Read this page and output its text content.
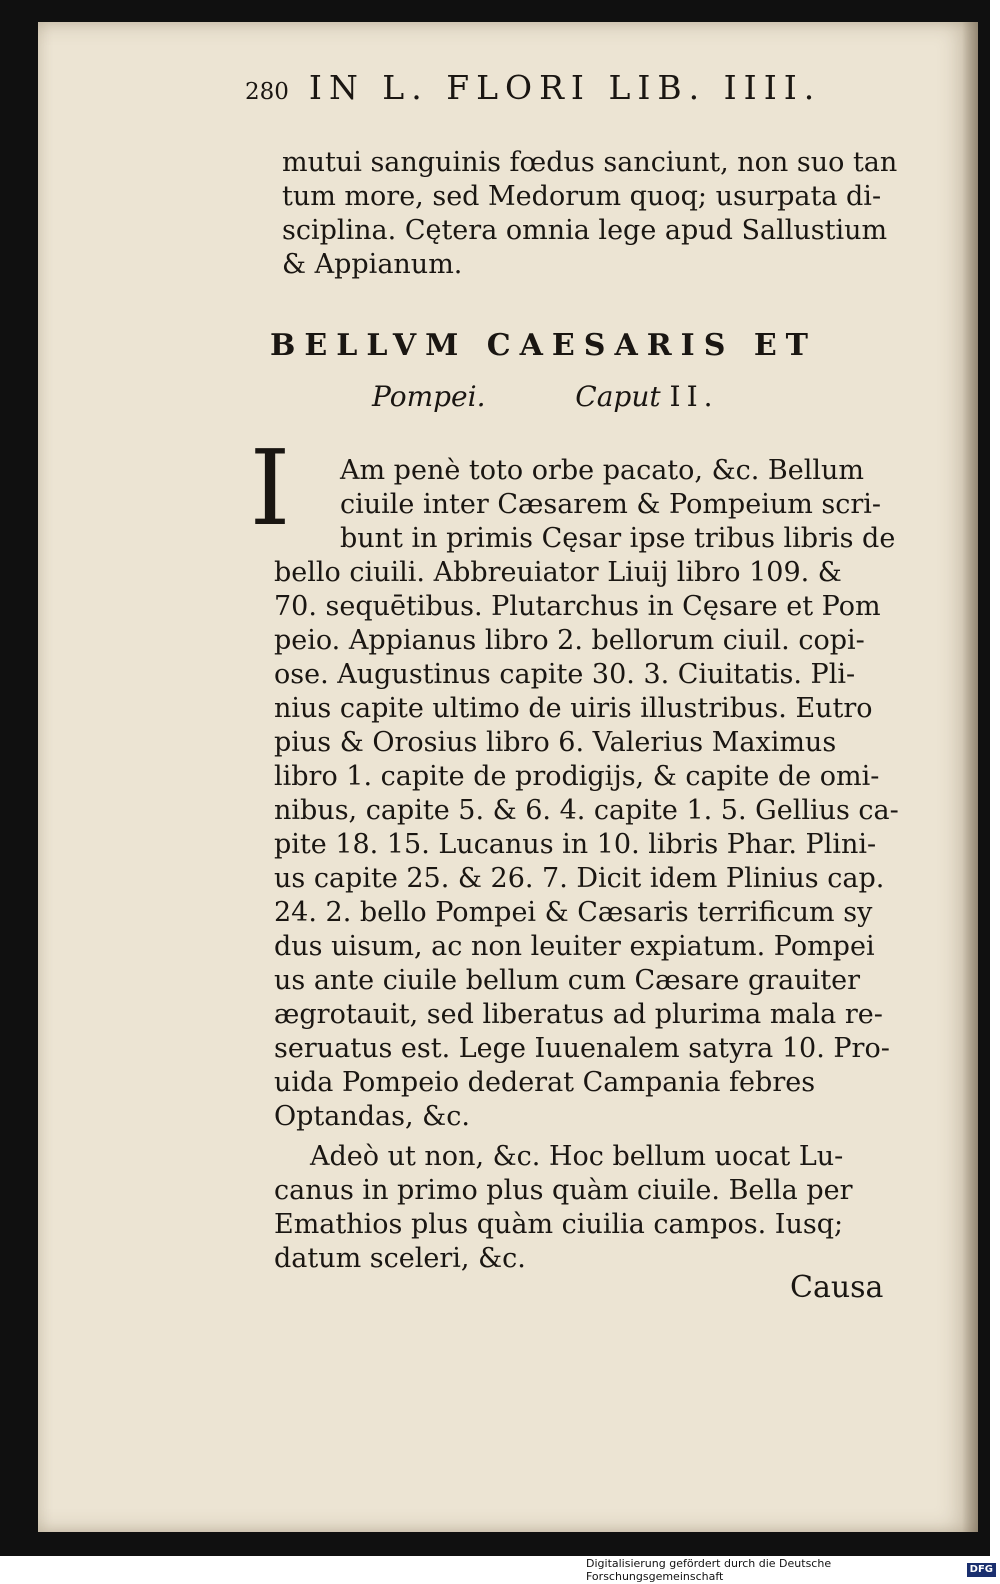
280 IN L. FLORI LIB. IIII.

mutui sanguinis fœdus sanciunt, non suo tan

tum more, sed Medorum quoq; usurpata di-

sciplina. Cętera omnia lege apud Sallustium

& Appianum.

BELLVM CAESARIS ET
Pompei.	Caput II.
I	Am penè toto orbe pacato, &c. Bellum

ciuile inter Cæsarem & Pompeium scri-

bunt in primis Cęsar ipse tribus libris de

bello ciuili. Abbreuiator Liuij libro 109. &

70. sequētibus. Plutarchus in Cęsare et Pom

peio. Appianus libro 2. bellorum ciuil. copi-

ose. Augustinus capite 30. 3. Ciuitatis. Pli-

nius capite ultimo de uiris illustribus. Eutro

pius & Orosius libro 6. Valerius Maximus

libro 1. capite de prodigijs, & capite de omi-

nibus, capite 5. & 6. 4. capite 1. 5. Gellius ca-

pite 18. 15. Lucanus in 10. libris Phar. Plini-

us capite 25. & 26. 7. Dicit idem Plinius cap.

24. 2. bello Pompei & Cæsaris terrificum sy

dus uisum, ac non leuiter expiatum. Pompei

us ante ciuile bellum cum Cæsare grauiter

ægrotauit, sed liberatus ad plurima mala re-

seruatus est. Lege Iuuenalem satyra 10. Pro-

uida Pompeio dederat Campania febres

Optandas, &c.

Adeò ut non, &c. Hoc bellum uocat Lu-

canus in primo plus quàm ciuile. Bella per

Emathios plus quàm ciuilia campos. Iusq;

datum sceleri, &c.

Causa
Digitalisierung gefördert durch die Deutsche Forschungsgemeinschaft
DFG
